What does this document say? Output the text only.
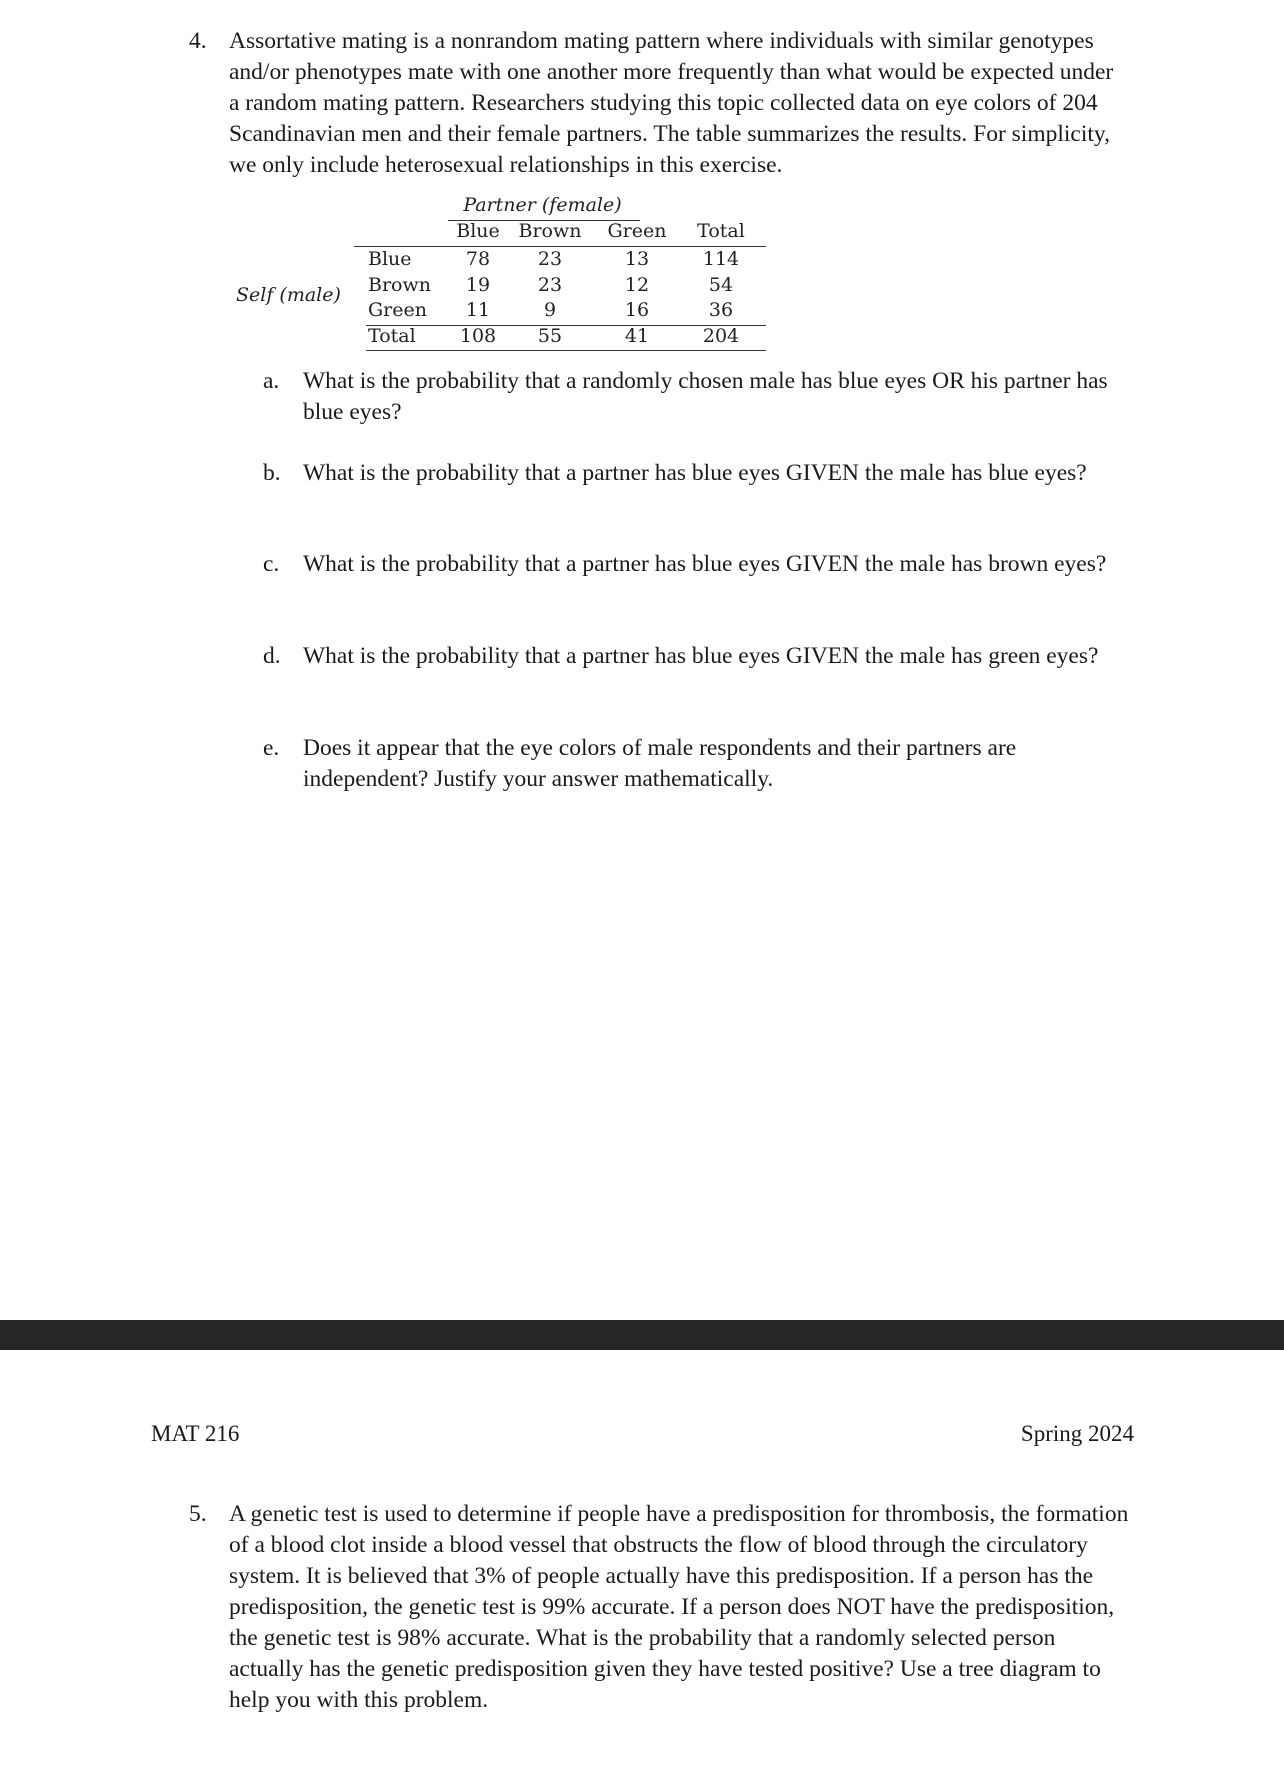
4. Assortative mating is a nonrandom mating pattern where individuals with similar genotypes and/or phenotypes mate with one another more frequently than what would be expected under a random mating pattern. Researchers studying this topic collected data on eye colors of 204 Scandinavian men and their female partners. The table summarizes the results. For simplicity, we only include heterosexual relationships in this exercise.
Partner (female)
Blue Brown Green	Total
Self (male)
Blue	78	23	13	114
Brown	19	23	12	54
Green	11	9	16	36
Total	108	55	41	204
a. What is the probability that a randomly chosen male has blue eyes OR his partner has blue eyes?
b. What is the probability that a partner has blue eyes GIVEN the male has blue eyes?
c. What is the probability that a partner has blue eyes GIVEN the male has brown eyes?
d. What is the probability that a partner has blue eyes GIVEN the male has green eyes?
e. Does it appear that the eye colors of male respondents and their partners are independent? Justify your answer mathematically.
MAT 216	Spring 2024
5. A genetic test is used to determine if people have a predisposition for thrombosis, the formation of a blood clot inside a blood vessel that obstructs the flow of blood through the circulatory system. It is believed that 3% of people actually have this predisposition. If a person has the predisposition, the genetic test is 99% accurate. If a person does NOT have the predisposition, the genetic test is 98% accurate. What is the probability that a randomly selected person actually has the genetic predisposition given they have tested positive? Use a tree diagram to help you with this problem.
